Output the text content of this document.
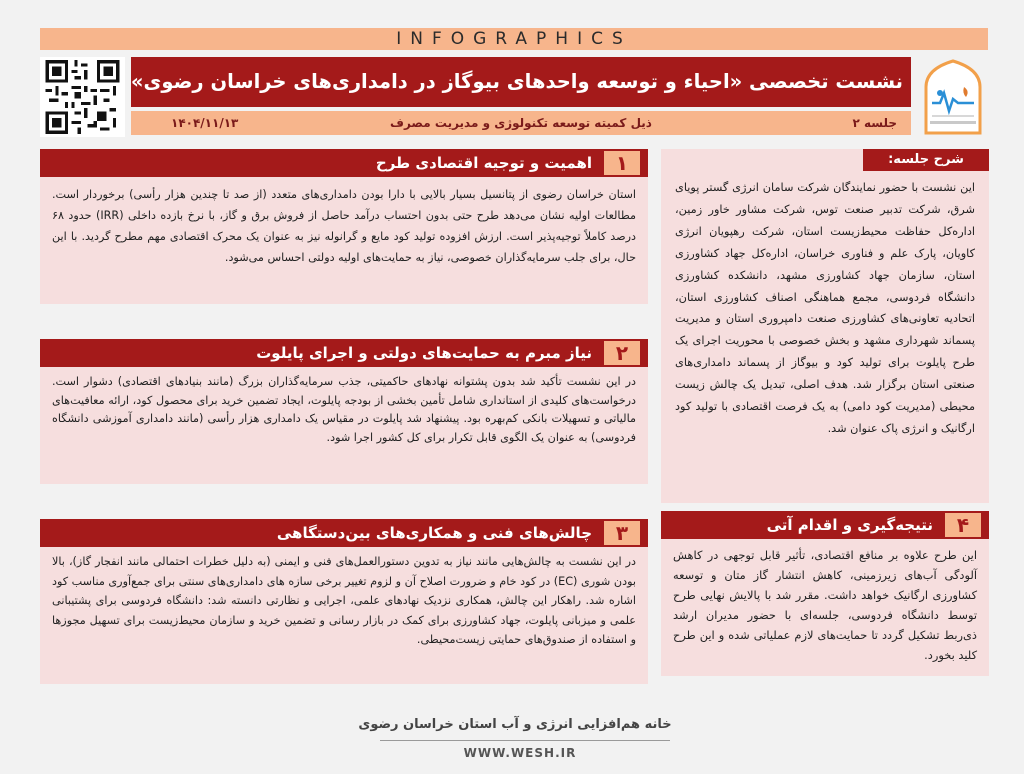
INFOGRAPHICS
نشست تخصصی «احیاء و توسعه واحدهای بیوگاز در دامداری‌های خراسان رضوی»
جلسه ۲
ذیل کمیته توسعه تکنولوژی و مدیریت مصرف
۱۴۰۴/۱۱/۱۳
شرح جلسه:
این نشست با حضور نمایندگان شرکت سامان انرژی گستر پویای شرق، شرکت تدبیر صنعت توس، شرکت مشاور خاور زمین، اداره‌کل حفاظت محیط‌زیست استان، شرکت رهپویان انرژی کاویان، پارک علم و فناوری خراسان، اداره‌کل جهاد کشاورزی استان، سازمان جهاد کشاورزی مشهد، دانشکده کشاورزی دانشگاه فردوسی، مجمع هماهنگی اصناف کشاورزی استان، اتحادیه تعاونی‌های کشاورزی صنعت دامپروری استان و مدیریت پسماند شهرداری مشهد و بخش خصوصی با محوریت اجرای یک طرح پایلوت برای تولید کود و بیوگاز از پسماند دامداری‌های صنعتی استان برگزار شد. هدف اصلی، تبدیل یک چالش زیست محیطی (مدیریت کود دامی) به یک فرصت اقتصادی با تولید کود ارگانیک و انرژی پاک عنوان شد.
۴
نتیجه‌گیری و اقدام آتی
این طرح علاوه بر منافع اقتصادی، تأثیر قابل توجهی در کاهش آلودگی آب‌های زیرزمینی، کاهش انتشار گاز متان و توسعه کشاورزی ارگانیک خواهد داشت. مقرر شد با پالایش نهایی طرح توسط دانشگاه فردوسی، جلسه‌ای با حضور مدیران ارشد ذی‌ربط تشکیل گردد تا حمایت‌های لازم عملیاتی شده و این طرح کلید بخورد.
۱
اهمیت و توجیه اقتصادی طرح
استان خراسان رضوی از پتانسیل بسیار بالایی با دارا بودن دامداری‌های متعدد (از صد تا چندین هزار رأسی) برخوردار است. مطالعات اولیه نشان می‌دهد طرح حتی بدون احتساب درآمد حاصل از فروش برق و گاز، با نرخ بازده داخلی (IRR) حدود ۶۸ درصد کاملاً توجیه‌پذیر است. ارزش افزوده تولید کود مایع و گرانوله نیز به عنوان یک محرک اقتصادی مهم مطرح گردید. با این حال، برای جلب سرمایه‌گذاران خصوصی، نیاز به حمایت‌های اولیه دولتی احساس می‌شود.
۲
نیاز مبرم به حمایت‌های دولتی و اجرای پایلوت
در این نشست تأکید شد بدون پشتوانه نهادهای حاکمیتی، جذب سرمایه‌گذاران بزرگ (مانند بنیادهای اقتصادی) دشوار است. درخواست‌های کلیدی از استانداری شامل تأمین بخشی از بودجه پایلوت، ایجاد تضمین خرید برای محصول کود، ارائه معافیت‌های مالیاتی و تسهیلات بانکی کم‌بهره بود. پیشنهاد شد پایلوت در مقیاس یک دامداری هزار رأسی (مانند دامداری آموزشی دانشگاه فردوسی) به عنوان یک الگوی قابل تکرار برای کل کشور اجرا شود.
۳
چالش‌های فنی و همکاری‌های بین‌دستگاهی
در این نشست به چالش‌هایی مانند نیاز به تدوین دستورالعمل‌های فنی و ایمنی (به دلیل خطرات احتمالی مانند انفجار گاز)، بالا بودن شوری (EC) در کود خام و ضرورت اصلاح آن و لزوم تغییر برخی سازه های دامداری‌های سنتی برای جمع‌آوری مناسب کود اشاره شد. راهکار این چالش، همکاری نزدیک نهادهای علمی، اجرایی و نظارتی دانسته شد: دانشگاه فردوسی برای پشتیبانی علمی و میزبانی پایلوت، جهاد کشاورزی برای کمک در بازار رسانی و تضمین خرید و سازمان محیط‌زیست برای تسهیل مجوزها و استفاده از صندوق‌های حمایتی زیست‌محیطی.
خانه هم‌افزایی انرژی و آب استان خراسان رضوی
WWW.WESH.IR
